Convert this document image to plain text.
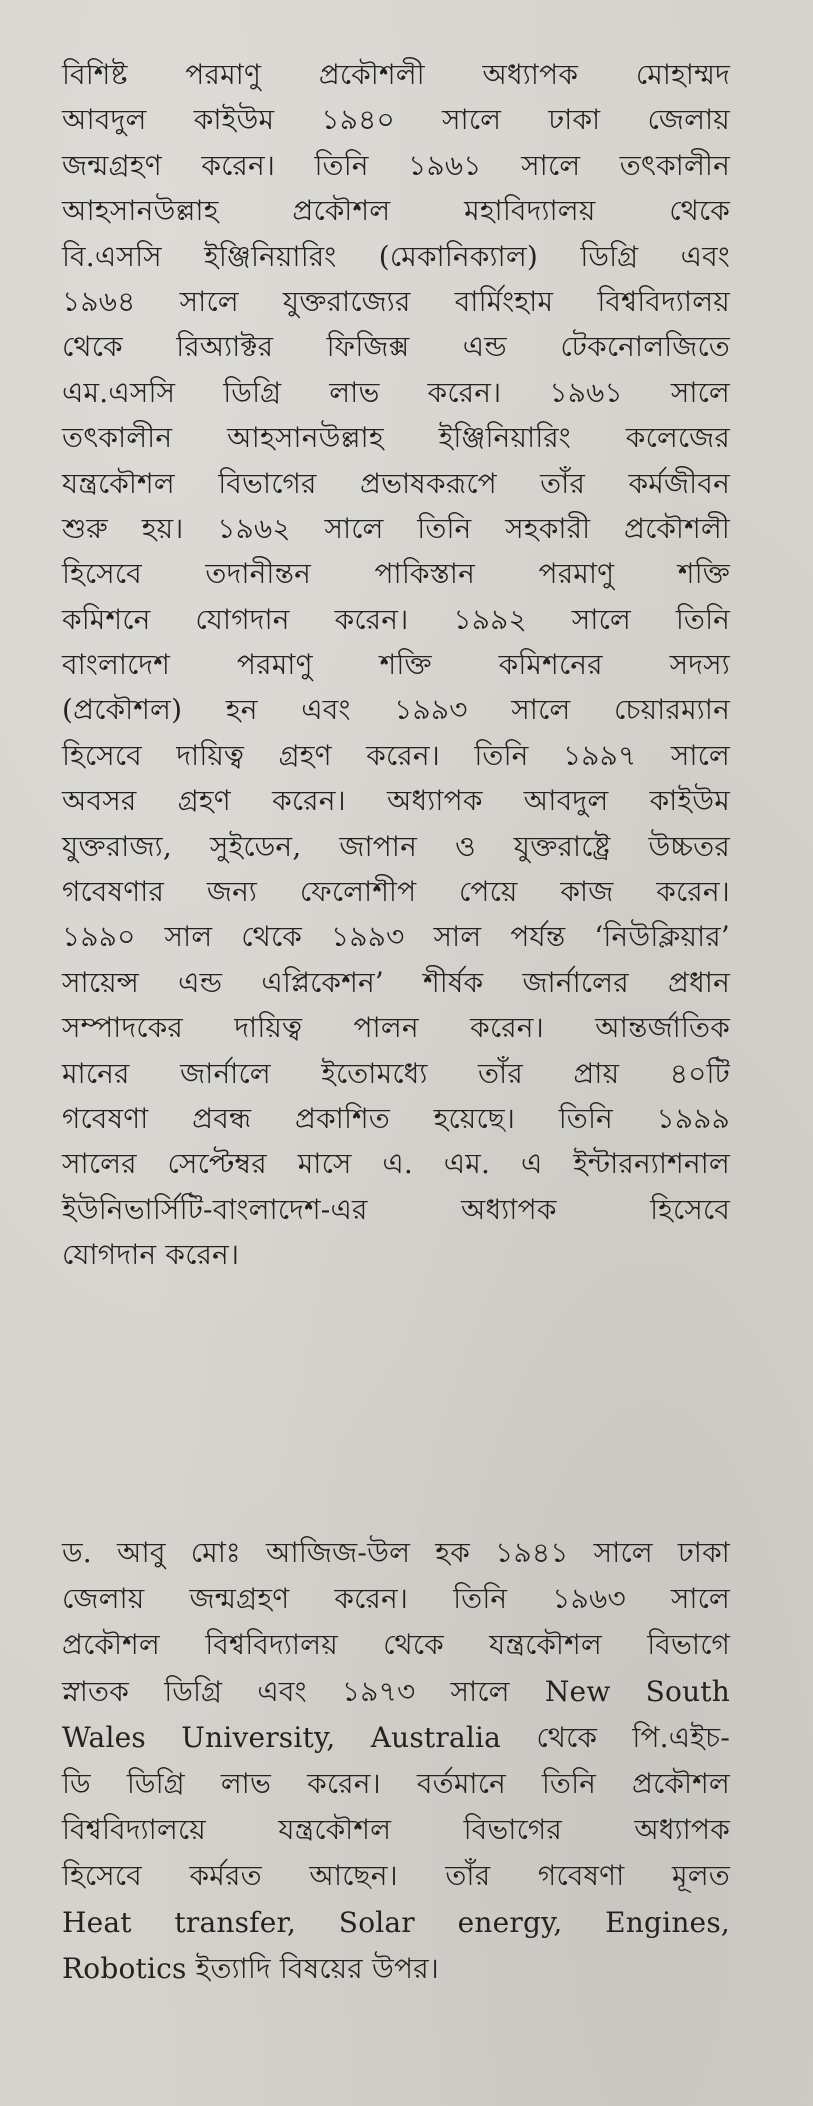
বিশিষ্ট পরমাণু প্রকৌশলী অধ্যাপক মোহাম্মদ
আবদুল কাইউম ১৯৪০ সালে ঢাকা জেলায়
জন্মগ্রহণ করেন। তিনি ১৯৬১ সালে তৎকালীন
আহসানউল্লাহ প্রকৌশল মহাবিদ্যালয় থেকে
বি.এসসি ইঞ্জিনিয়ারিং (মেকানিক্যাল) ডিগ্রি এবং
১৯৬৪ সালে যুক্তরাজ্যের বার্মিংহাম বিশ্ববিদ্যালয়
থেকে রিঅ্যাক্টর ফিজিক্স এন্ড টেকনোলজিতে
এম.এসসি ডিগ্রি লাভ করেন। ১৯৬১ সালে
তৎকালীন আহসানউল্লাহ ইঞ্জিনিয়ারিং কলেজের
যন্ত্রকৌশল বিভাগের প্রভাষকরূপে তাঁর কর্মজীবন
শুরু হয়। ১৯৬২ সালে তিনি সহকারী প্রকৌশলী
হিসেবে তদানীন্তন পাকিস্তান পরমাণু শক্তি
কমিশনে যোগদান করেন। ১৯৯২ সালে তিনি
বাংলাদেশ পরমাণু শক্তি কমিশনের সদস্য
(প্রকৌশল) হন এবং ১৯৯৩ সালে চেয়ারম্যান
হিসেবে দায়িত্ব গ্রহণ করেন। তিনি ১৯৯৭ সালে
অবসর গ্রহণ করেন। অধ্যাপক আবদুল কাইউম
যুক্তরাজ্য, সুইডেন, জাপান ও যুক্তরাষ্ট্রে উচ্চতর
গবেষণার জন্য ফেলোশীপ পেয়ে কাজ করেন।
১৯৯০ সাল থেকে ১৯৯৩ সাল পর্যন্ত ‘নিউক্লিয়ার’
সায়েন্স এন্ড এপ্লিকেশন’ শীর্ষক জার্নালের প্রধান
সম্পাদকের দায়িত্ব পালন করেন। আন্তর্জাতিক
মানের জার্নালে ইতোমধ্যে তাঁর প্রায় ৪০টি
গবেষণা প্রবন্ধ প্রকাশিত হয়েছে। তিনি ১৯৯৯
সালের সেপ্টেম্বর মাসে এ. এম. এ ইন্টারন্যাশনাল
ইউনিভার্সিটি-বাংলাদেশ-এর অধ্যাপক হিসেবে
যোগদান করেন।
ড. আবু মোঃ আজিজ-উল হক ১৯৪১ সালে ঢাকা
জেলায় জন্মগ্রহণ করেন। তিনি ১৯৬৩ সালে
প্রকৌশল বিশ্ববিদ্যালয় থেকে যন্ত্রকৌশল বিভাগে
স্নাতক ডিগ্রি এবং ১৯৭৩ সালে New South
Wales University, Australia থেকে পি.এইচ-
ডি ডিগ্রি লাভ করেন। বর্তমানে তিনি প্রকৌশল
বিশ্ববিদ্যালয়ে যন্ত্রকৌশল বিভাগের অধ্যাপক
হিসেবে কর্মরত আছেন। তাঁর গবেষণা মূলত
Heat transfer, Solar energy, Engines,
Robotics ইত্যাদি বিষয়ের উপর।
